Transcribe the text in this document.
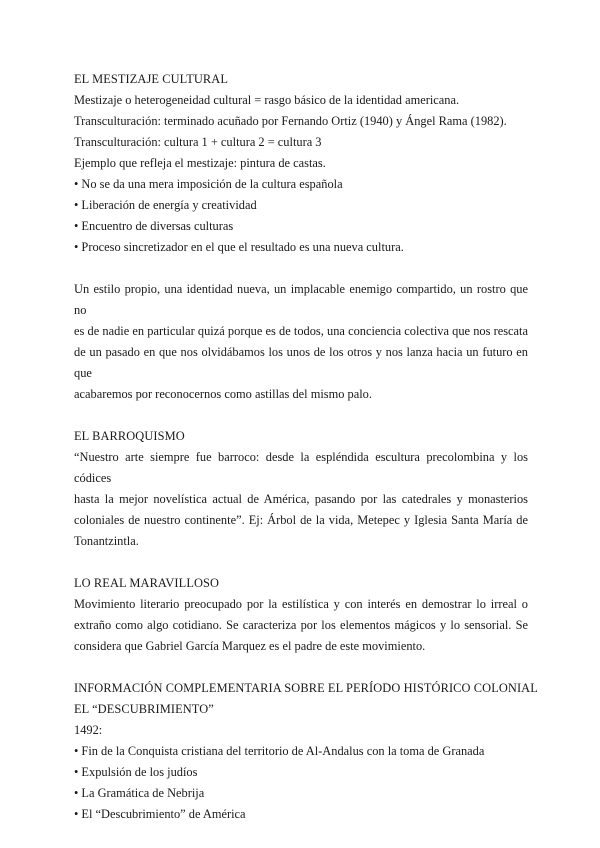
EL MESTIZAJE CULTURAL
Mestizaje o heterogeneidad cultural = rasgo básico de la identidad americana.
Transculturación: terminado acuñado por Fernando Ortiz (1940) y Ángel Rama (1982).
Transculturación: cultura 1 + cultura 2 = cultura 3
Ejemplo que refleja el mestizaje: pintura de castas.
• No se da una mera imposición de la cultura española
• Liberación de energía y creatividad
• Encuentro de diversas culturas
• Proceso sincretizador en el que el resultado es una nueva cultura.
Un estilo propio, una identidad nueva, un implacable enemigo compartido, un rostro que no
es de nadie en particular quizá porque es de todos, una conciencia colectiva que nos rescata
de un pasado en que nos olvidábamos los unos de los otros y nos lanza hacia un futuro en que
acabaremos por reconocernos como astillas del mismo palo.
EL BARROQUISMO
“Nuestro arte siempre fue barroco: desde la espléndida escultura precolombina y los códices
hasta la mejor novelística actual de América, pasando por las catedrales y monasterios
coloniales de nuestro continente”. Ej: Árbol de la vida, Metepec y Iglesia Santa María de
Tonantzintla.
LO REAL MARAVILLOSO
Movimiento literario preocupado por la estilística y con interés en demostrar lo irreal o
extraño como algo cotidiano. Se caracteriza por los elementos mágicos y lo sensorial. Se
considera que Gabriel García Marquez es el padre de este movimiento.
INFORMACIÓN COMPLEMENTARIA SOBRE EL PERÍODO HISTÓRICO COLONIAL
EL “DESCUBRIMIENTO”
1492:
• Fin de la Conquista cristiana del territorio de Al-Andalus con la toma de Granada
• Expulsión de los judíos
• La Gramática de Nebrija
• El “Descubrimiento” de América
